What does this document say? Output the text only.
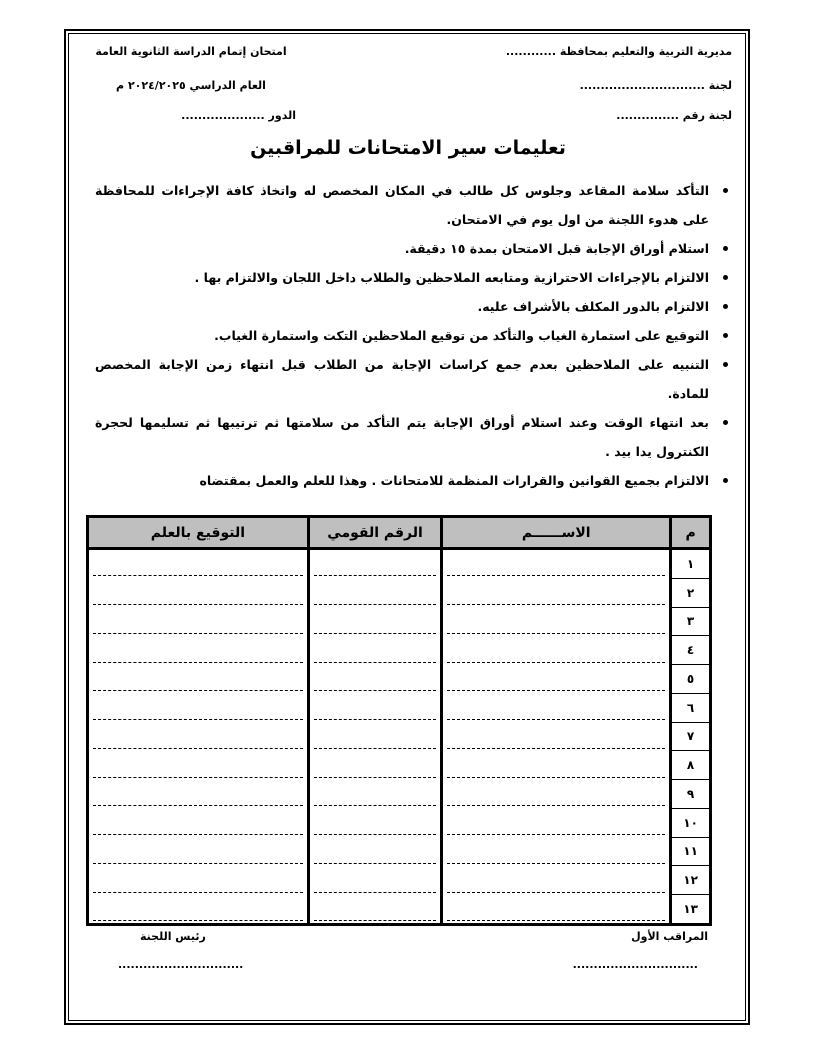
مديرية التربية والتعليم بمحافظة ............
لجنة ..............................
لجنة رقم ...............
امتحان إتمام الدراسة الثانوية العامة
العام الدراسي ٢٠٢٤/٢٠٢٥ م
الدور ....................
تعليمات سير الامتحانات للمراقبين
التأكد سلامة المقاعد وجلوس كل طالب في المكان المخصص له واتخاذ كافة الإجراءات للمحافظة على هدوء اللجنة من اول يوم في الامتحان.
استلام أوراق الإجابة قبل الامتحان بمدة ١٥ دقيقة.
الالتزام بالإجراءات الاحترازية ومتابعه الملاحظين والطلاب داخل اللجان والالتزام بها .
الالتزام بالدور المكلف بالأشراف عليه.
التوقيع على استمارة الغياب والتأكد من توقيع الملاحظين التكت واستمارة الغياب.
التنبيه على الملاحظين بعدم جمع كراسات الإجابة من الطلاب قبل انتهاء زمن الإجابة المخصص للمادة.
بعد انتهاء الوقت وعند استلام أوراق الإجابة يتم التأكد من سلامتها ثم ترتيبها ثم تسليمها لحجرة الكنترول يدا بيد .
الالتزام بجميع القوانين والقرارات المنظمة للامتحانات . وهذا للعلم والعمل بمقتضاه
م	الاســــــم	الرقم القومي	التوقيع بالعلم
١			
٢			
٣			
٤			
٥			
٦			
٧			
٨			
٩			
١٠			
١١			
١٢			
١٣			
المراقب الأول
..............................
رئيس اللجنة
..............................
